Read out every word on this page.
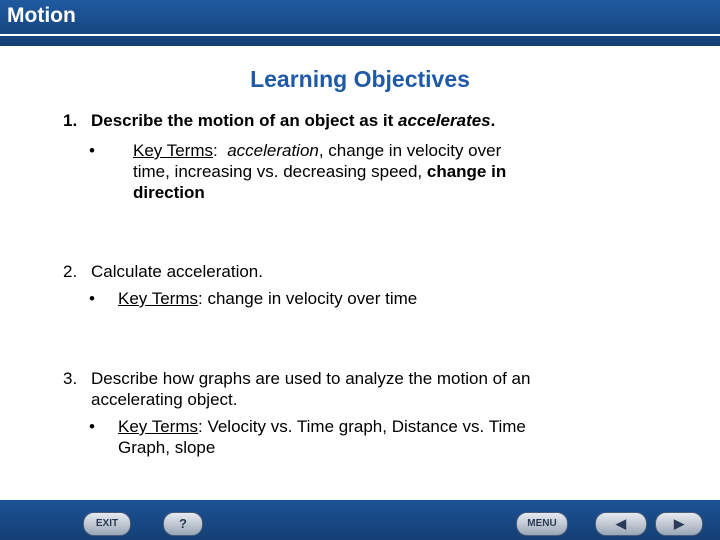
Motion
Learning Objectives
1. Describe the motion of an object as it accelerates.
• Key Terms: acceleration, change in velocity over
time, increasing vs. decreasing speed, change in
direction
2. Calculate acceleration.
• Key Terms: change in velocity over time
3. Describe how graphs are used to analyze the motion of an
accelerating object.
• Key Terms: Velocity vs. Time graph, Distance vs. Time
Graph, slope
EXIT	?	MENU	◀	▶
